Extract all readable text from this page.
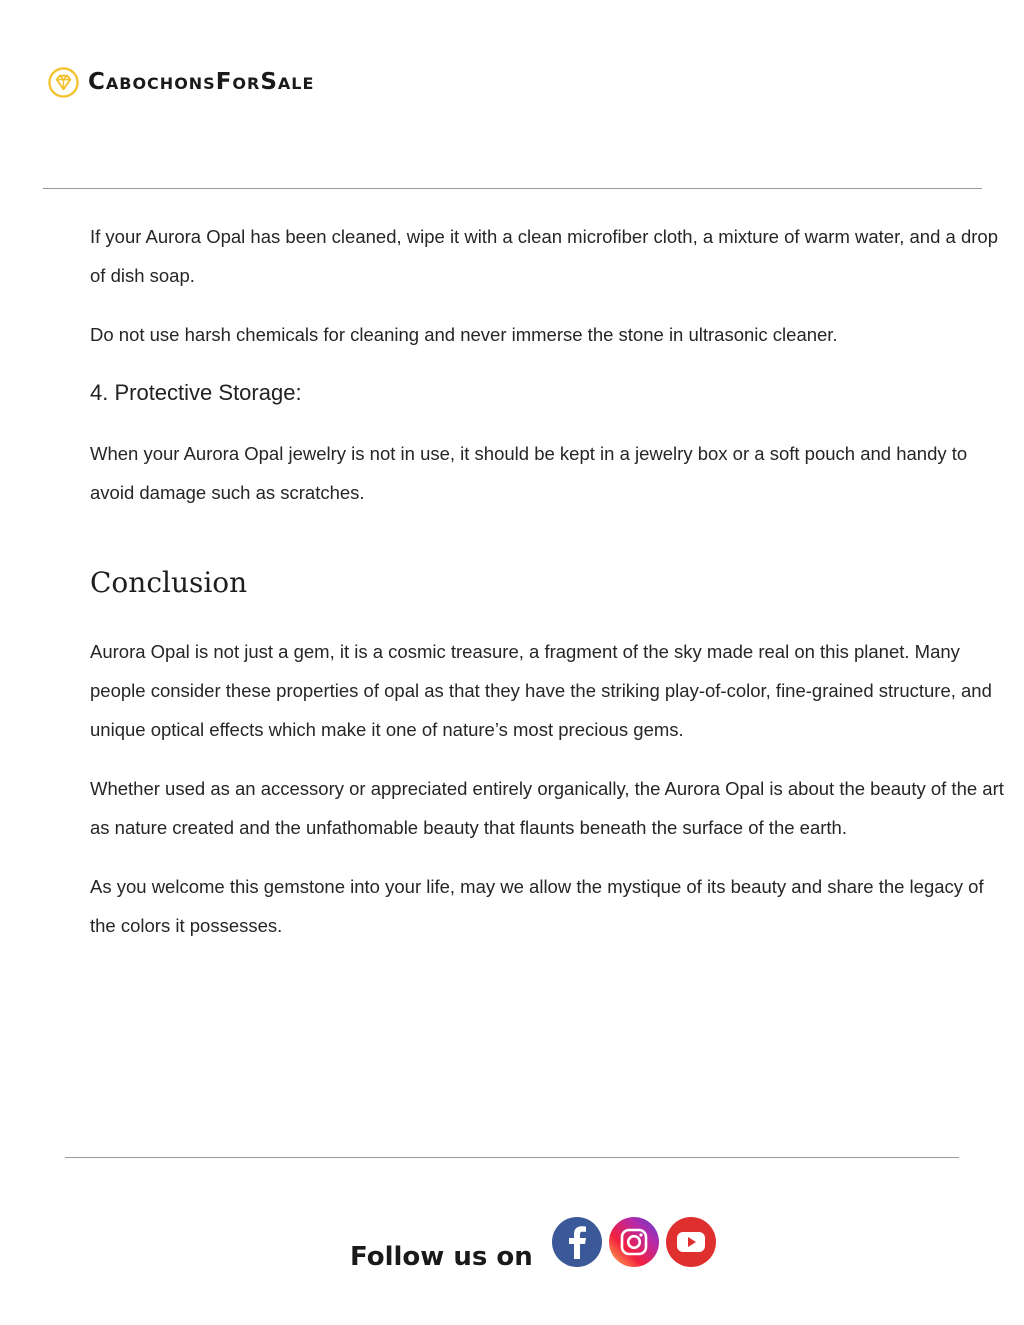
CabochonsForSale

If your Aurora Opal has been cleaned, wipe it with a clean microfiber cloth, a mixture of warm water, and a drop of dish soap.

Do not use harsh chemicals for cleaning and never immerse the stone in ultrasonic cleaner.

4. Protective Storage:

When your Aurora Opal jewelry is not in use, it should be kept in a jewelry box or a soft pouch and handy to avoid damage such as scratches.

Conclusion

Aurora Opal is not just a gem, it is a cosmic treasure, a fragment of the sky made real on this planet. Many people consider these properties of opal as that they have the striking play-of-color, fine-grained structure, and unique optical effects which make it one of nature’s most precious gems.

Whether used as an accessory or appreciated entirely organically, the Aurora Opal is about the beauty of the art as nature created and the unfathomable beauty that flaunts beneath the surface of the earth.

As you welcome this gemstone into your life, may we allow the mystique of its beauty and share the legacy of the colors it possesses.

Follow us on
